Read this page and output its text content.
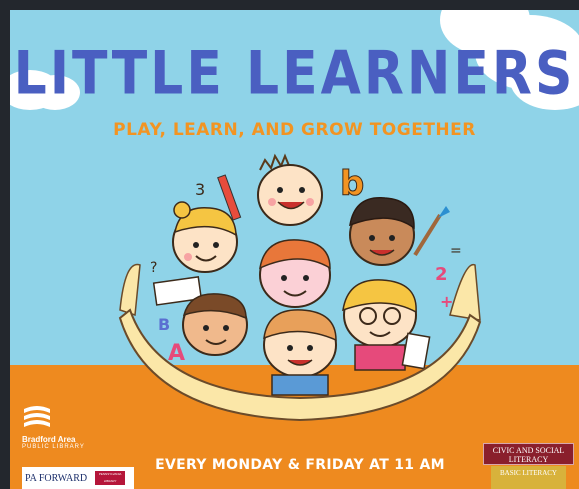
LITTLE LEARNERS
PLAY, LEARN, AND GROW TOGETHER
b
3
2
=
+
?
B
A
Bradford Area
PUBLIC LIBRARY
PA FORWARD	PENNSYLVANIA LIBRARY ASSOCIATION
EVERY MONDAY & FRIDAY AT 11 AM
CIVIC AND SOCIAL LITERACY
BASIC LITERACY
